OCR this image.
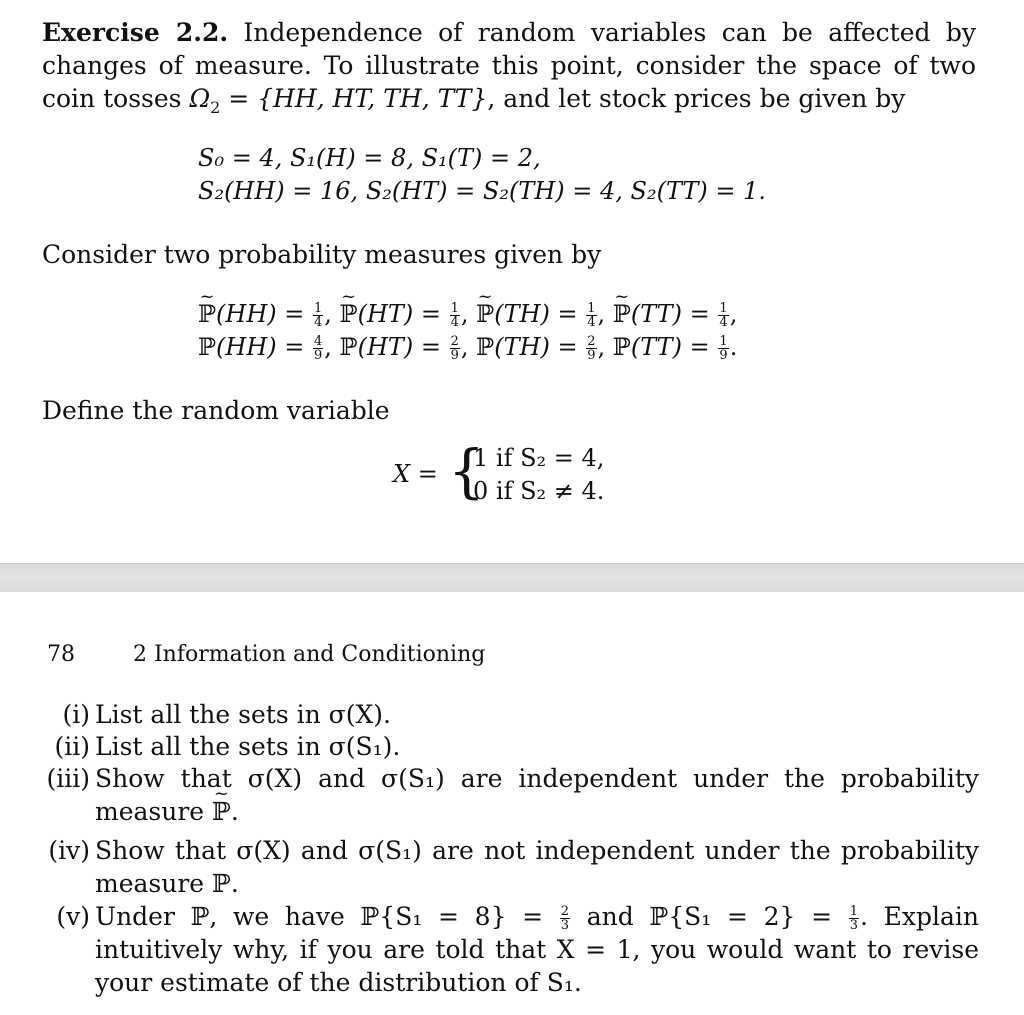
Exercise 2.2. Independence of random variables can be affected by changes of measure. To illustrate this point, consider the space of two coin tosses $\Omega_2 = \{HH$, HT, TH, TT}, and let stock prices be given by

S₀ = 4, S₁(H) = 8, S₁(T) = 2,
S₂(HH) = 16, S₂(HT) = S₂(TH) = 4, S₂(TT) = 1.

Consider two probability measures given by

~ ℙ(HH) = $\frac{1}{4}$ , ~ ℙ(HT) = $\frac{1}{4}$ , ~ ℙ(TH) = $\frac{1}{4}$ , ~ ℙ(TT) = $\frac{1}{4}$ ,
ℙ(HH) = $\frac{4}{9}$ , ℙ(HT) = $\frac{2}{9}$ , ℙ(TH) = $\frac{2}{9}$ , ℙ(TT) = $\frac{1}{9}$ .

Define the random variable

X = {
1 if S₂ = 4,
0 if S₂ ≠ 4.
78	2 Information and Conditioning
(i) List all the sets in σ(X).
(ii) List all the sets in σ(S₁).
(iii) Show that σ(X) and σ(S₁) are independent under the probability measure ~ ℙ.
(iv) Show that σ(X) and σ(S₁) are not independent under the probability measure ℙ.
(v) Under ℙ, we have ℙ{S₁ = $8\} = \frac{2}{3}$ and ℙ{S₁ = $2\} = \frac{1}{3}$ . Explain intuitively why, if you are told that X = 1, you would want to revise your estimate of the distribution of S₁.
